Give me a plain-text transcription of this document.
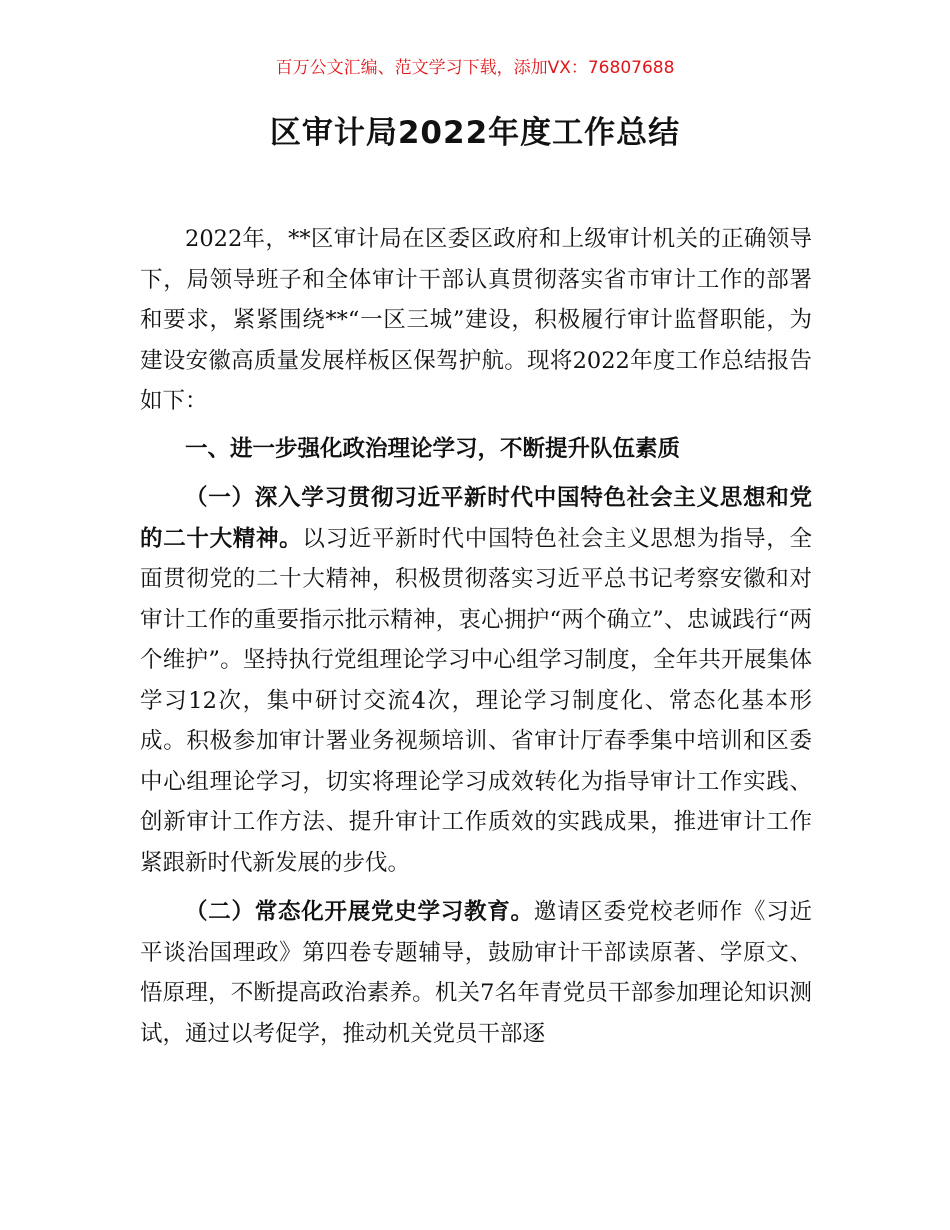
百万公文汇编、范文学习下载，添加VX：76807688
区审计局2022年度工作总结

2022年，**区审计局在区委区政府和上级审计机关的正确领导下，局领导班子和全体审计干部认真贯彻落实省市审计工作的部署和要求，紧紧围绕**“一区三城”建设，积极履行审计监督职能，为建设安徽高质量发展样板区保驾护航。现将2022年度工作总结报告如下：

一、进一步强化政治理论学习，不断提升队伍素质

（一）深入学习贯彻习近平新时代中国特色社会主义思想和党的二十大精神。以习近平新时代中国特色社会主义思想为指导，全面贯彻党的二十大精神，积极贯彻落实习近平总书记考察安徽和对审计工作的重要指示批示精神，衷心拥护“两个确立”、忠诚践行“两个维护”。坚持执行党组理论学习中心组学习制度，全年共开展集体学习12次，集中研讨交流4次，理论学习制度化、常态化基本形成。积极参加审计署业务视频培训、省审计厅春季集中培训和区委中心组理论学习，切实将理论学习成效转化为指导审计工作实践、创新审计工作方法、提升审计工作质效的实践成果，推进审计工作紧跟新时代新发展的步伐。

（二）常态化开展党史学习教育。邀请区委党校老师作《习近平谈治国理政》第四卷专题辅导，鼓励审计干部读原著、学原文、悟原理，不断提高政治素养。机关7名年青党员干部参加理论知识测试，通过以考促学，推动机关党员干部逐
